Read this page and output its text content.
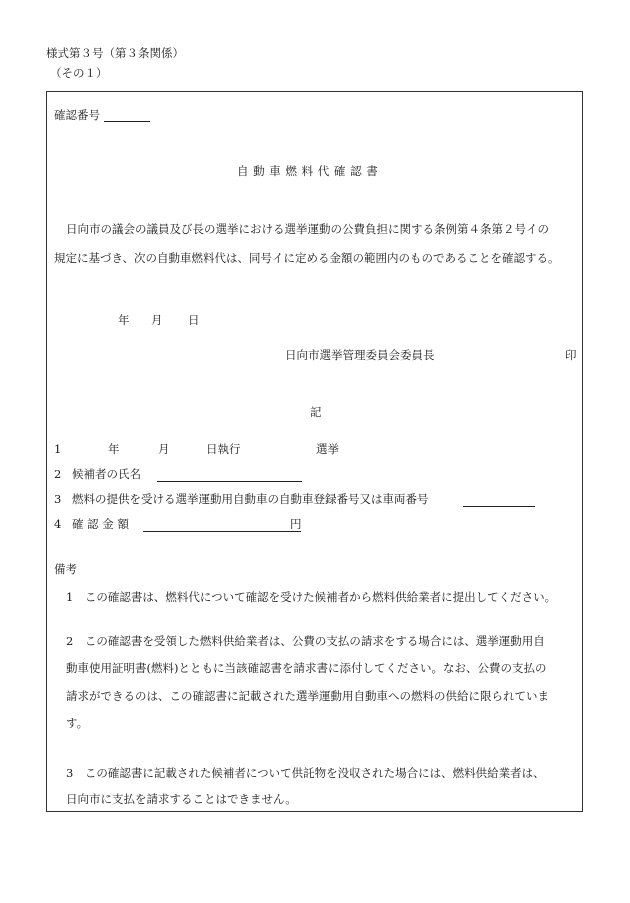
様式第３号（第３条関係）
（その１）
確認番号
自 動 車 燃 料 代 確 認 書
日向市の議会の議員及び長の選挙における選挙運動の公費負担に関する条例第４条第２号イの
規定に基づき、次の自動車燃料代は、同号イに定める金額の範囲内のものであることを確認する。
年 月 日
日向市選挙管理委員会委員長	印
記
1	年	月	日執行	選挙
2 候補者の氏名
3 燃料の提供を受ける選挙運動用自動車の自動車登録番号又は車両番号
4 確 認 金 額	円
備考
1　この確認書は、燃料代について確認を受けた候補者から燃料供給業者に提出してください。
2　この確認書を受領した燃料供給業者は、公費の支払の請求をする場合には、選挙運動用自
動車使用証明書(燃料)とともに当該確認書を請求書に添付してください。なお、公費の支払の
請求ができるのは、この確認書に記載された選挙運動用自動車への燃料の供給に限られていま
す。
3　この確認書に記載された候補者について供託物を没収された場合には、燃料供給業者は、
日向市に支払を請求することはできません。
